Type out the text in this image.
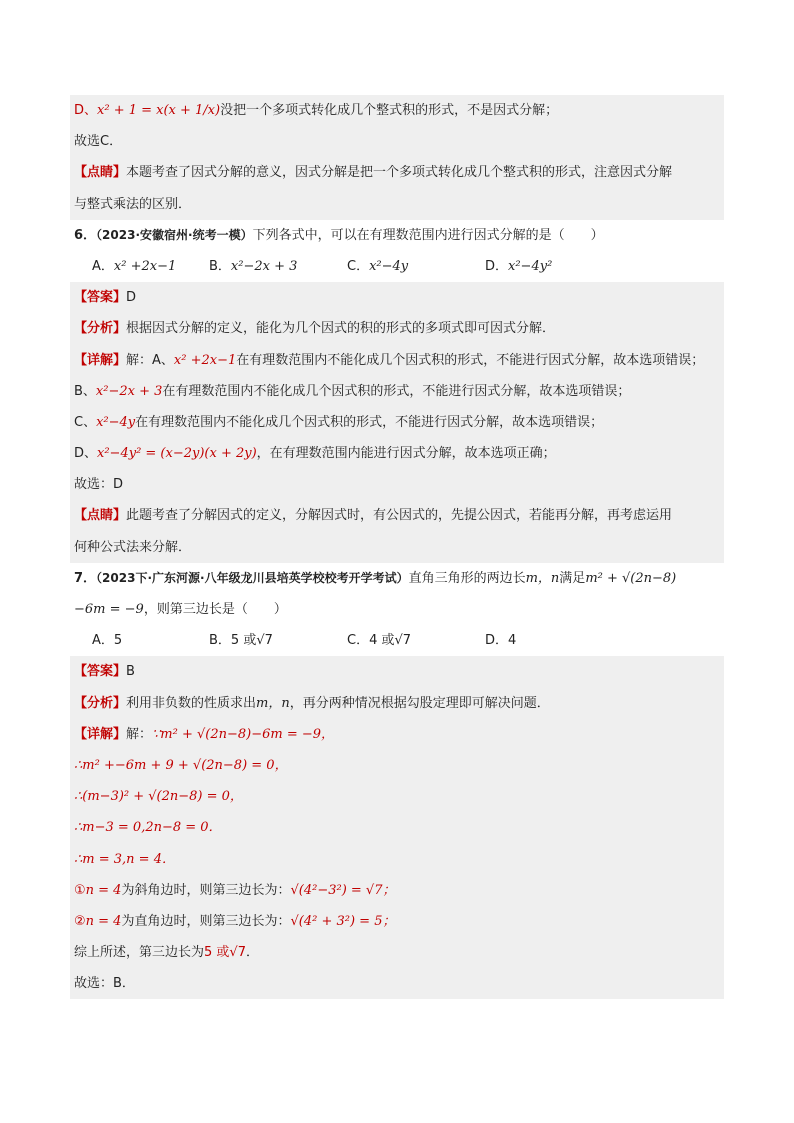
D、x² + 1 = x(x + 1/x)没把一个多项式转化成几个整式积的形式，不是因式分解；
故选C．
【点睛】本题考查了因式分解的意义，因式分解是把一个多项式转化成几个整式积的形式，注意因式分解
与整式乘法的区别．
6．（2023·安徽宿州·统考一模）下列各式中，可以在有理数范围内进行因式分解的是（　　）
A．x² +2x−1	B．x²−2x + 3	C．x²−4y	D．x²−4y²
【答案】D
【分析】根据因式分解的定义，能化为几个因式的积的形式的多项式即可因式分解．
【详解】解：A、x² +2x−1在有理数范围内不能化成几个因式积的形式，不能进行因式分解，故本选项错误；
B、x²−2x + 3在有理数范围内不能化成几个因式积的形式，不能进行因式分解，故本选项错误；
C、x²−4y在有理数范围内不能化成几个因式积的形式，不能进行因式分解，故本选项错误；
D、x²−4y² = (x−2y)(x + 2y)，在有理数范围内能进行因式分解，故本选项正确；
故选：D
【点睛】此题考查了分解因式的定义，分解因式时，有公因式的，先提公因式，若能再分解，再考虑运用
何种公式法来分解．
7．（2023下·广东河源·八年级龙川县培英学校校考开学考试）直角三角形的两边长m，n满足m² + √(2n−8)
−6m = −9，则第三边长是（　　）
A．5	B．5 或√7	C．4 或√7	D．4
【答案】B
【分析】利用非负数的性质求出m，n，再分两种情况根据勾股定理即可解决问题．
【详解】解：∵m² + √(2n−8)−6m = −9，
∴m² +−6m + 9 + √(2n−8) = 0，
∴(m−3)² + √(2n−8) = 0，
∴m−3 = 0,2n−8 = 0．
∴m = 3,n = 4．
①n = 4为斜角边时，则第三边长为：√(4²−3²) = √7；
②n = 4为直角边时，则第三边长为：√(4² + 3²) = 5；
综上所述，第三边长为5 或√7．
故选：B．
